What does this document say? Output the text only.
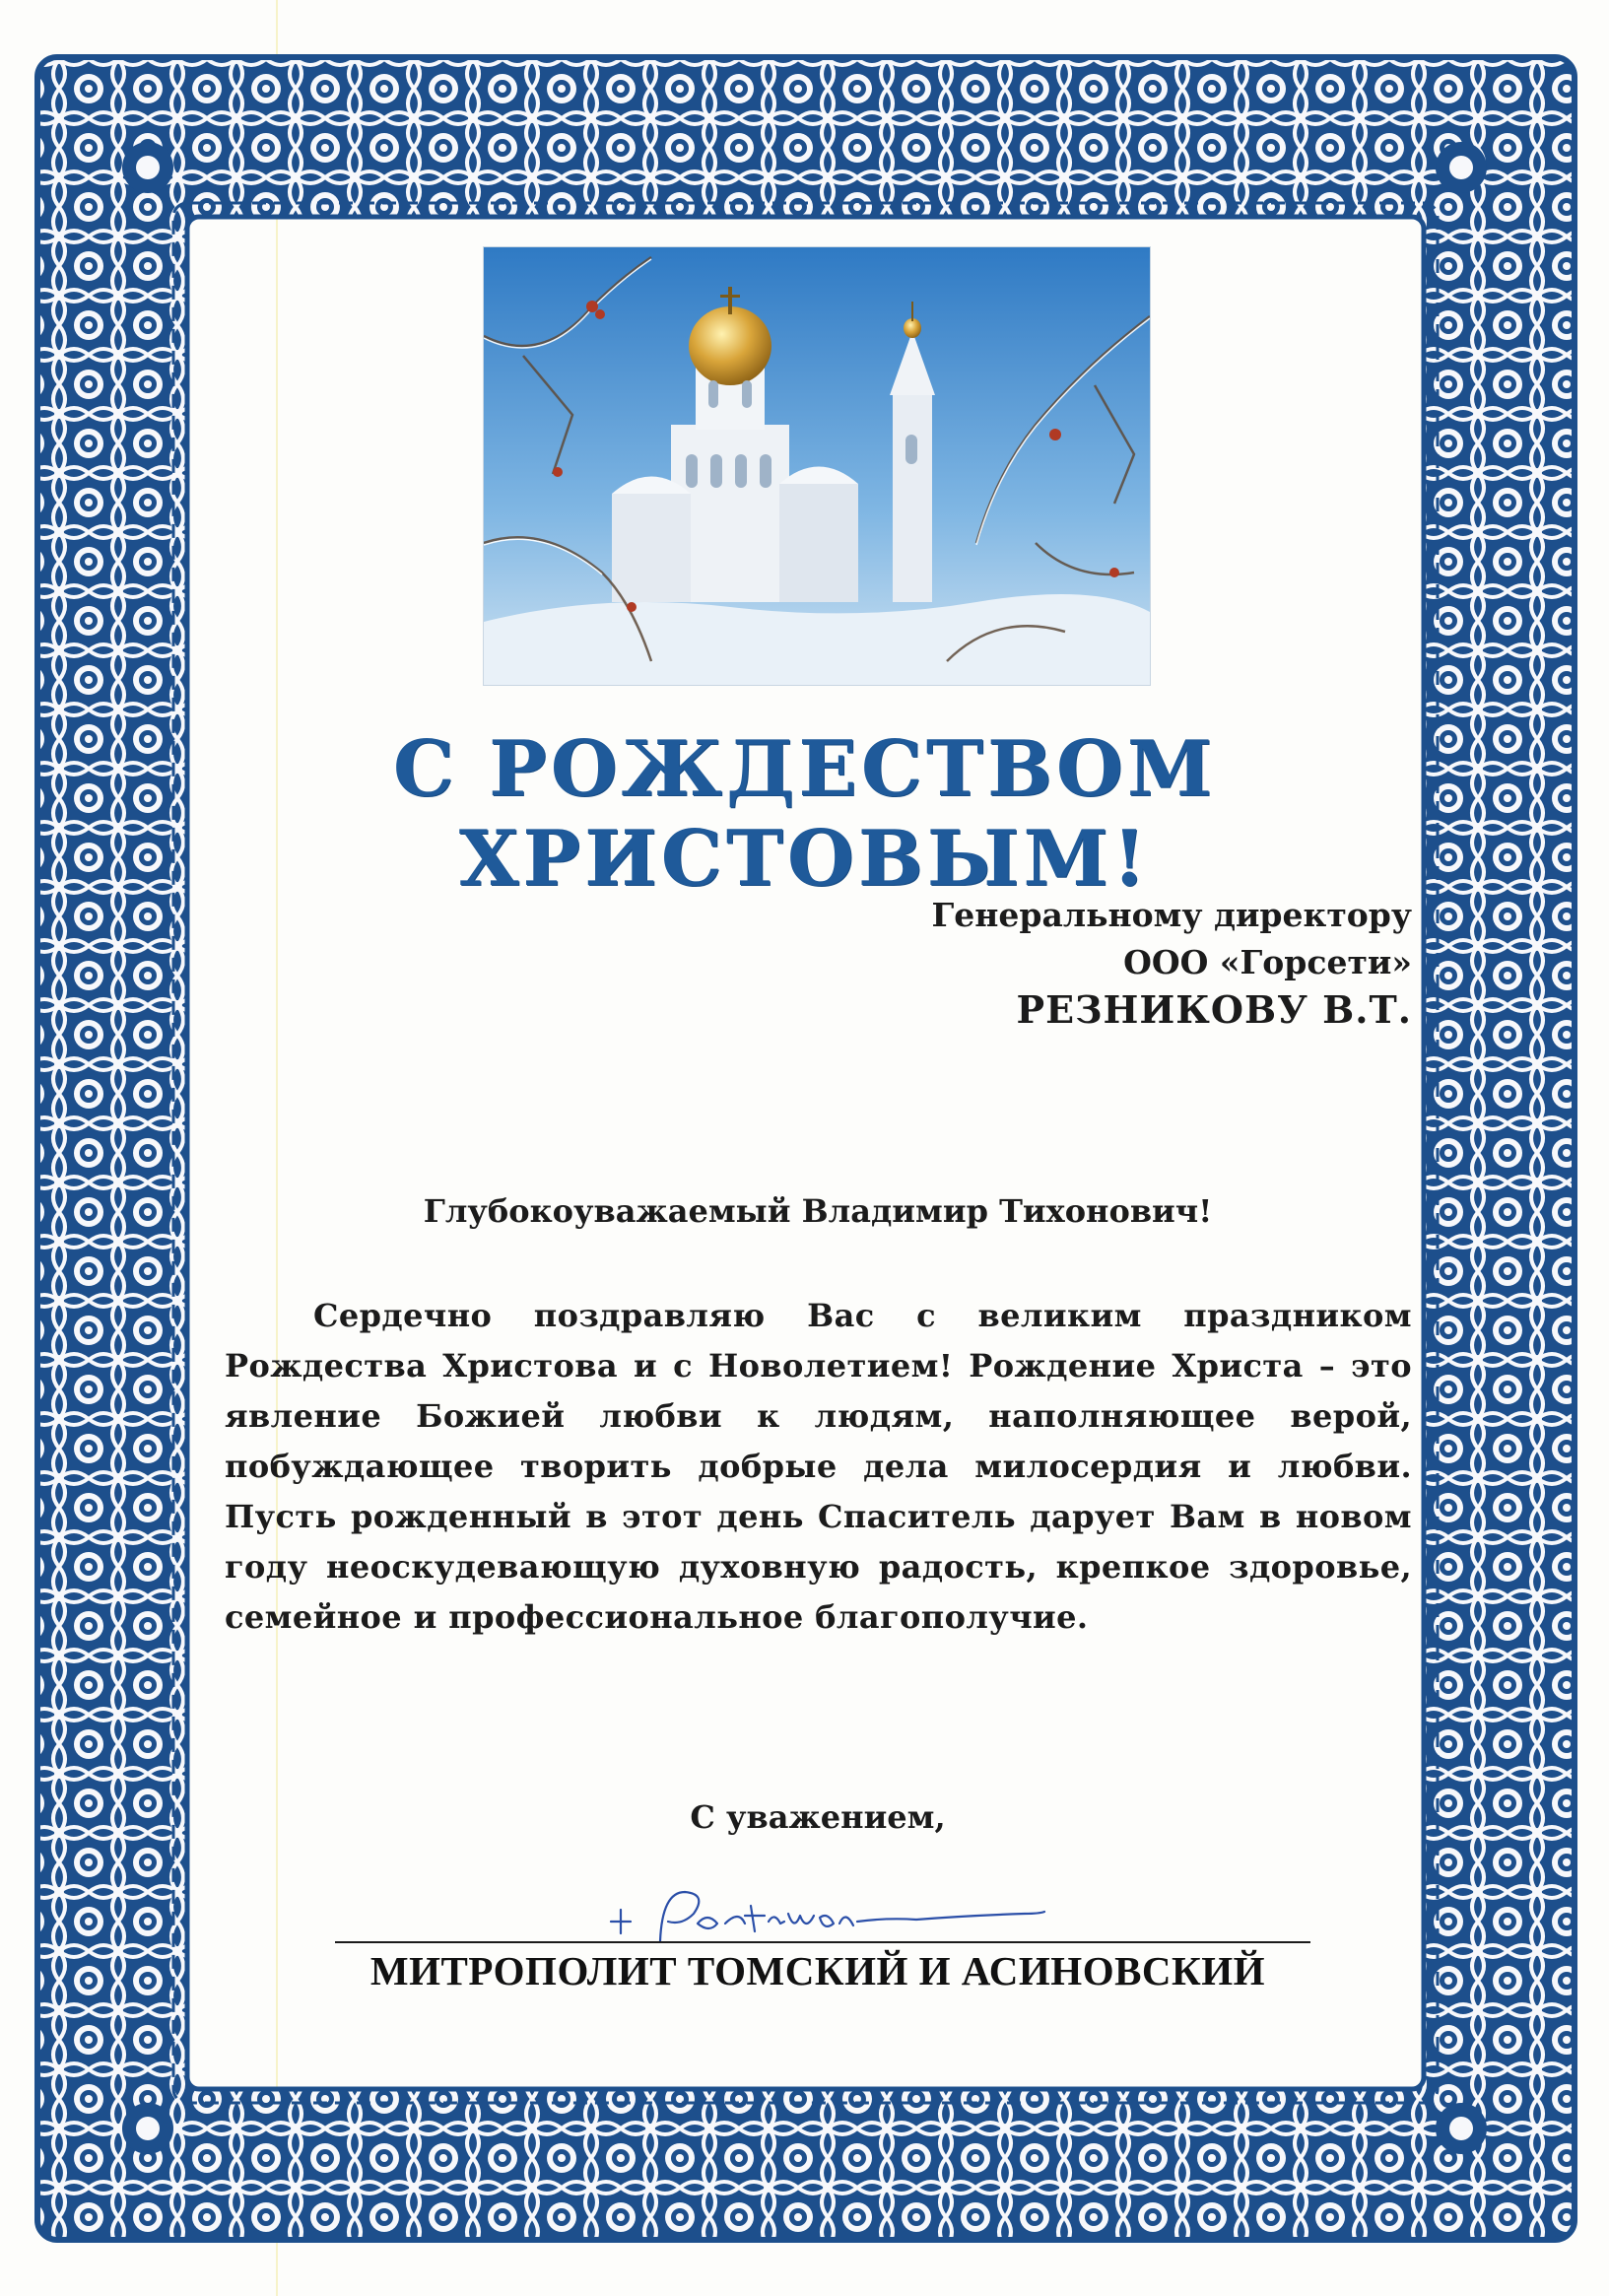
С РОЖДЕСТВОМ ХРИСТОВЫМ!
Генеральному директору
ООО «Горсети»
РЕЗНИКОВУ В.Т.
Глубокоуважаемый Владимир Тихонович!
Сердечно поздравляю Вас с великим праздником Рождества Христова и с Новолетием! Рождение Христа – это явление Божией любви к людям, наполняющее верой, побуждающее творить добрые дела милосердия и любви. Пусть рожденный в этот день Спаситель дарует Вам в новом году неоскудевающую духовную радость, крепкое здоровье, семейное и профессиональное благополучие.
С уважением,
МИТРОПОЛИТ ТОМСКИЙ И АСИНОВСКИЙ
